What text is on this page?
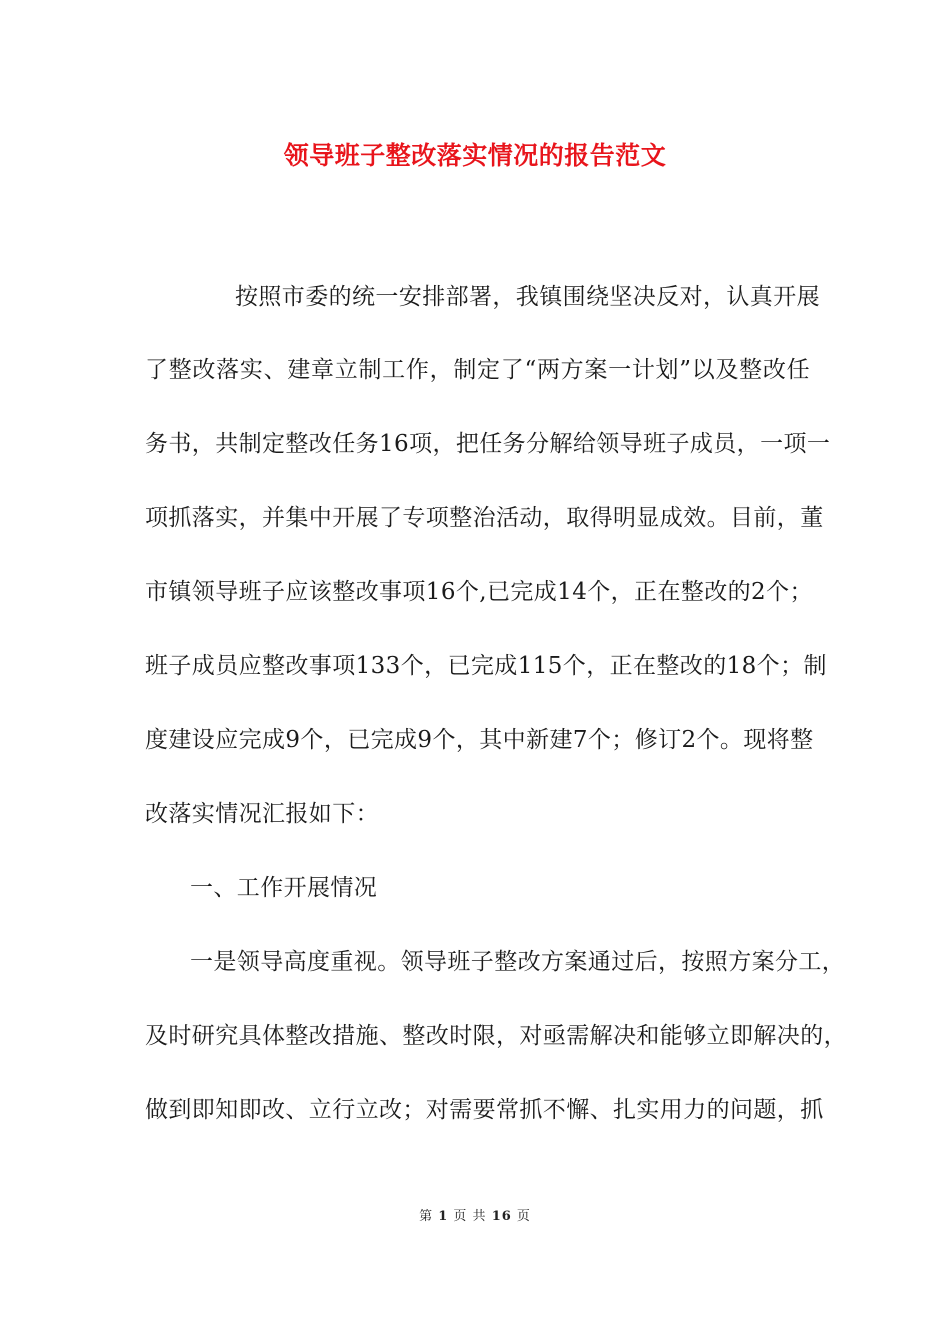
领导班子整改落实情况的报告范文
按照市委的统一安排部署，我镇围绕坚决反对，认真开展
了整改落实、建章立制工作，制定了“两方案一计划”以及整改任
务书，共制定整改任务16项，把任务分解给领导班子成员，一项一
项抓落实，并集中开展了专项整治活动，取得明显成效。目前，董
市镇领导班子应该整改事项16个,已完成14个，正在整改的2个；
班子成员应整改事项133个，已完成115个，正在整改的18个；制
度建设应完成9个，已完成9个，其中新建7个；修订2个。现将整
改落实情况汇报如下：
一、工作开展情况
一是领导高度重视。领导班子整改方案通过后，按照方案分工，
及时研究具体整改措施、整改时限，对亟需解决和能够立即解决的，
做到即知即改、立行立改；对需要常抓不懈、扎实用力的问题，抓
第 1 页 共 16 页
